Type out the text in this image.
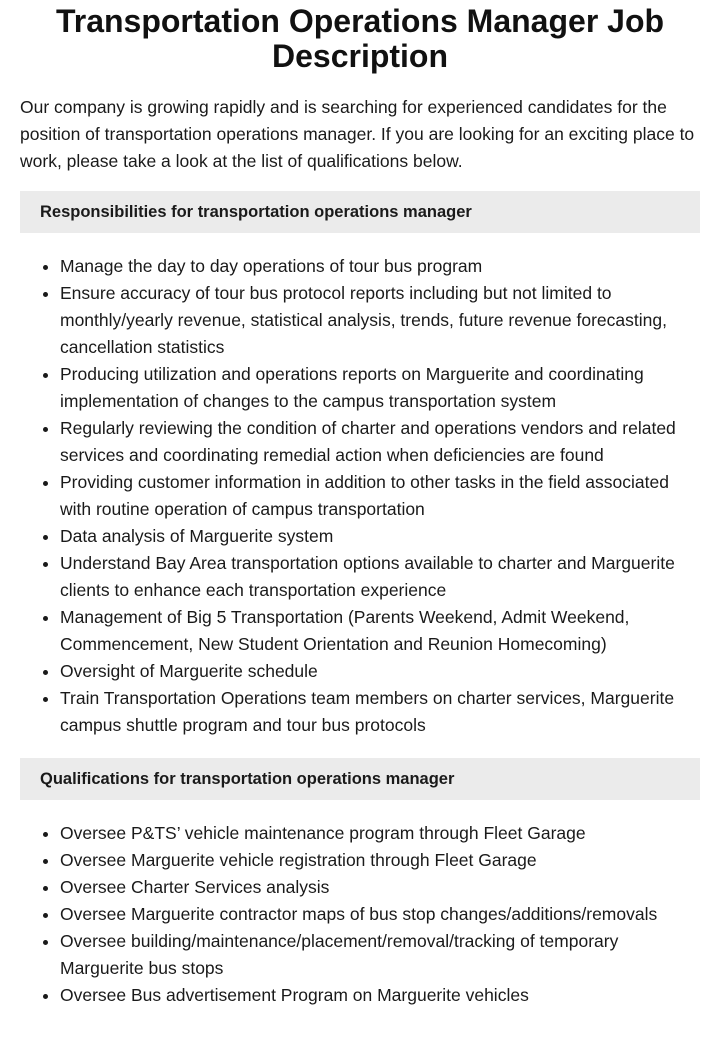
Transportation Operations Manager Job Description

Our company is growing rapidly and is searching for experienced candidates for the position of transportation operations manager. If you are looking for an exciting place to work, please take a look at the list of qualifications below.

Responsibilities for transportation operations manager
• Manage the day to day operations of tour bus program
• Ensure accuracy of tour bus protocol reports including but not limited to monthly/yearly revenue, statistical analysis, trends, future revenue forecasting, cancellation statistics
• Producing utilization and operations reports on Marguerite and coordinating implementation of changes to the campus transportation system
• Regularly reviewing the condition of charter and operations vendors and related services and coordinating remedial action when deficiencies are found
• Providing customer information in addition to other tasks in the field associated with routine operation of campus transportation
• Data analysis of Marguerite system
• Understand Bay Area transportation options available to charter and Marguerite clients to enhance each transportation experience
• Management of Big 5 Transportation (Parents Weekend, Admit Weekend, Commencement, New Student Orientation and Reunion Homecoming)
• Oversight of Marguerite schedule
• Train Transportation Operations team members on charter services, Marguerite campus shuttle program and tour bus protocols
Qualifications for transportation operations manager
• Oversee P&TS’ vehicle maintenance program through Fleet Garage
• Oversee Marguerite vehicle registration through Fleet Garage
• Oversee Charter Services analysis
• Oversee Marguerite contractor maps of bus stop changes/additions/removals
• Oversee building/maintenance/placement/removal/tracking of temporary Marguerite bus stops
• Oversee Bus advertisement Program on Marguerite vehicles
